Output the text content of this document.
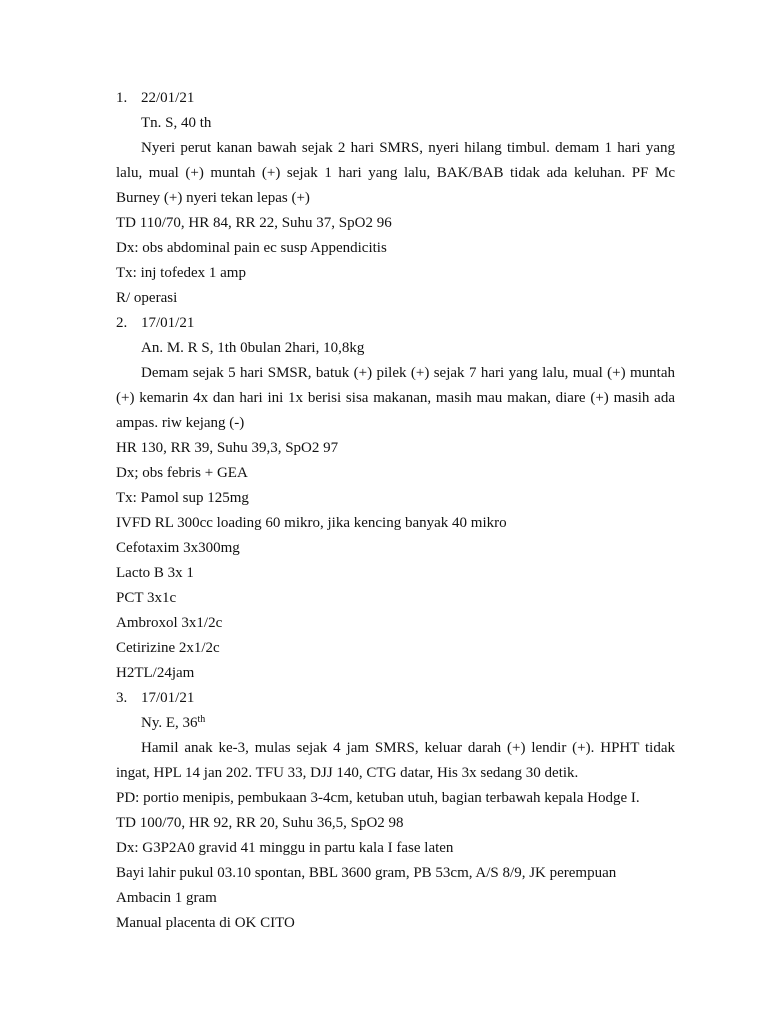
1. 22/01/21
Tn. S, 40 th

Nyeri perut kanan bawah sejak 2 hari SMRS, nyeri hilang timbul. demam 1 hari yang lalu, mual (+) muntah (+) sejak 1 hari yang lalu, BAK/BAB tidak ada keluhan. PF Mc Burney (+) nyeri tekan lepas (+)

TD 110/70, HR 84, RR 22, Suhu 37, SpO2 96
Dx: obs abdominal pain ec susp Appendicitis
Tx: inj tofedex 1 amp
R/ operasi
2. 17/01/21
An. M. R S, 1th 0bulan 2hari, 10,8kg

Demam sejak 5 hari SMSR, batuk (+) pilek (+) sejak 7 hari yang lalu, mual (+) muntah (+) kemarin 4x dan hari ini 1x berisi sisa makanan, masih mau makan, diare (+) masih ada ampas. riw kejang (-)

HR 130, RR 39, Suhu 39,3, SpO2 97
Dx; obs febris + GEA
Tx: Pamol sup 125mg
IVFD RL 300cc loading 60 mikro, jika kencing banyak 40 mikro
Cefotaxim 3x300mg
Lacto B 3x 1
PCT 3x1c
Ambroxol 3x1/2c
Cetirizine 2x1/2c
H2TL/24jam
3. 17/01/21
Ny. E, 36th

Hamil anak ke-3, mulas sejak 4 jam SMRS, keluar darah (+) lendir (+). HPHT tidak ingat, HPL 14 jan 202. TFU 33, DJJ 140, CTG datar, His 3x sedang 30 detik.

PD: portio menipis, pembukaan 3-4cm, ketuban utuh, bagian terbawah kepala Hodge I.
TD 100/70, HR 92, RR 20, Suhu 36,5, SpO2 98
Dx: G3P2A0 gravid 41 minggu in partu kala I fase laten
Bayi lahir pukul 03.10 spontan, BBL 3600 gram, PB 53cm, A/S 8/9, JK perempuan
Ambacin 1 gram
Manual placenta di OK CITO
